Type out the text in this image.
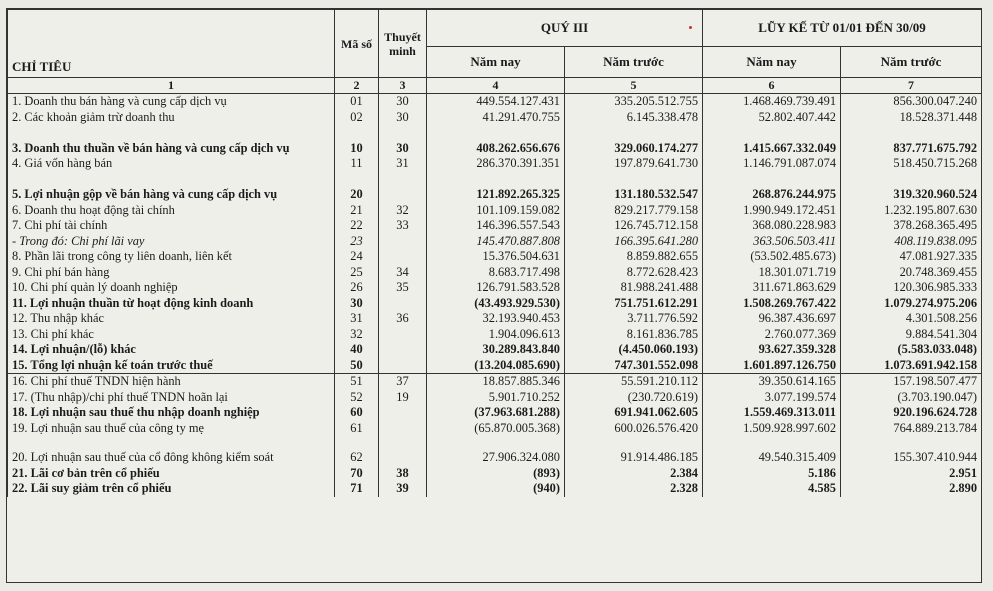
CHỈ TIÊU	Mã số	Thuyết minh	QUÝ III		LŨY KẾ TỪ 01/01 ĐẾN 30/09	
			Năm nay	Năm trước	Năm nay	Năm trước
1	2	3	4	5	6	7
1. Doanh thu bán hàng và cung cấp dịch vụ	01	30	449.554.127.431	335.205.512.755	1.468.469.739.491	856.300.047.240
2. Các khoản giảm trừ doanh thu	02	30	41.291.470.755	6.145.338.478	52.802.407.442	18.528.371.448

3. Doanh thu thuần về bán hàng và cung cấp dịch vụ	10	30	408.262.656.676	329.060.174.277	1.415.667.332.049	837.771.675.792
4. Giá vốn hàng bán	11	31	286.370.391.351	197.879.641.730	1.146.791.087.074	518.450.715.268

5. Lợi nhuận gộp về bán hàng và cung cấp dịch vụ	20		121.892.265.325	131.180.532.547	268.876.244.975	319.320.960.524
6. Doanh thu hoạt động tài chính	21	32	101.109.159.082	829.217.779.158	1.990.949.172.451	1.232.195.807.630
7. Chi phí tài chính	22	33	146.396.557.543	126.745.712.158	368.080.228.983	378.268.365.495
- Trong đó: Chi phí lãi vay	23		145.470.887.808	166.395.641.280	363.506.503.411	408.119.838.095
8. Phần lãi trong công ty liên doanh, liên kết	24		15.376.504.631	8.859.882.655	(53.502.485.673)	47.081.927.335
9. Chi phí bán hàng	25	34	8.683.717.498	8.772.628.423	18.301.071.719	20.748.369.455
10. Chi phí quản lý doanh nghiệp	26	35	126.791.583.528	81.988.241.488	311.671.863.629	120.306.985.333
11. Lợi nhuận thuần từ hoạt động kinh doanh	30		(43.493.929.530)	751.751.612.291	1.508.269.767.422	1.079.274.975.206
12. Thu nhập khác	31	36	32.193.940.453	3.711.776.592	96.387.436.697	4.301.508.256
13. Chi phí khác	32		1.904.096.613	8.161.836.785	2.760.077.369	9.884.541.304
14. Lợi nhuận/(lỗ) khác	40		30.289.843.840	(4.450.060.193)	93.627.359.328	(5.583.033.048)
15. Tổng lợi nhuận kế toán trước thuế	50		(13.204.085.690)	747.301.552.098	1.601.897.126.750	1.073.691.942.158
16. Chi phí thuế TNDN hiện hành	51	37	18.857.885.346	55.591.210.112	39.350.614.165	157.198.507.477
17. (Thu nhập)/chi phí thuế TNDN hoãn lại	52	19	5.901.710.252	(230.720.619)	3.077.199.574	(3.703.190.047)
18. Lợi nhuận sau thuế thu nhập doanh nghiệp	60		(37.963.681.288)	691.941.062.605	1.559.469.313.011	920.196.624.728
19. Lợi nhuận sau thuế của công ty mẹ	61		(65.870.005.368)	600.026.576.420	1.509.928.997.602	764.889.213.784

20. Lợi nhuận sau thuế của cổ đông không kiểm soát	62		27.906.324.080	91.914.486.185	49.540.315.409	155.307.410.944
21. Lãi cơ bản trên cổ phiếu	70	38	(893)	2.384	5.186	2.951
22. Lãi suy giảm trên cổ phiếu	71	39	(940)	2.328	4.585	2.890
